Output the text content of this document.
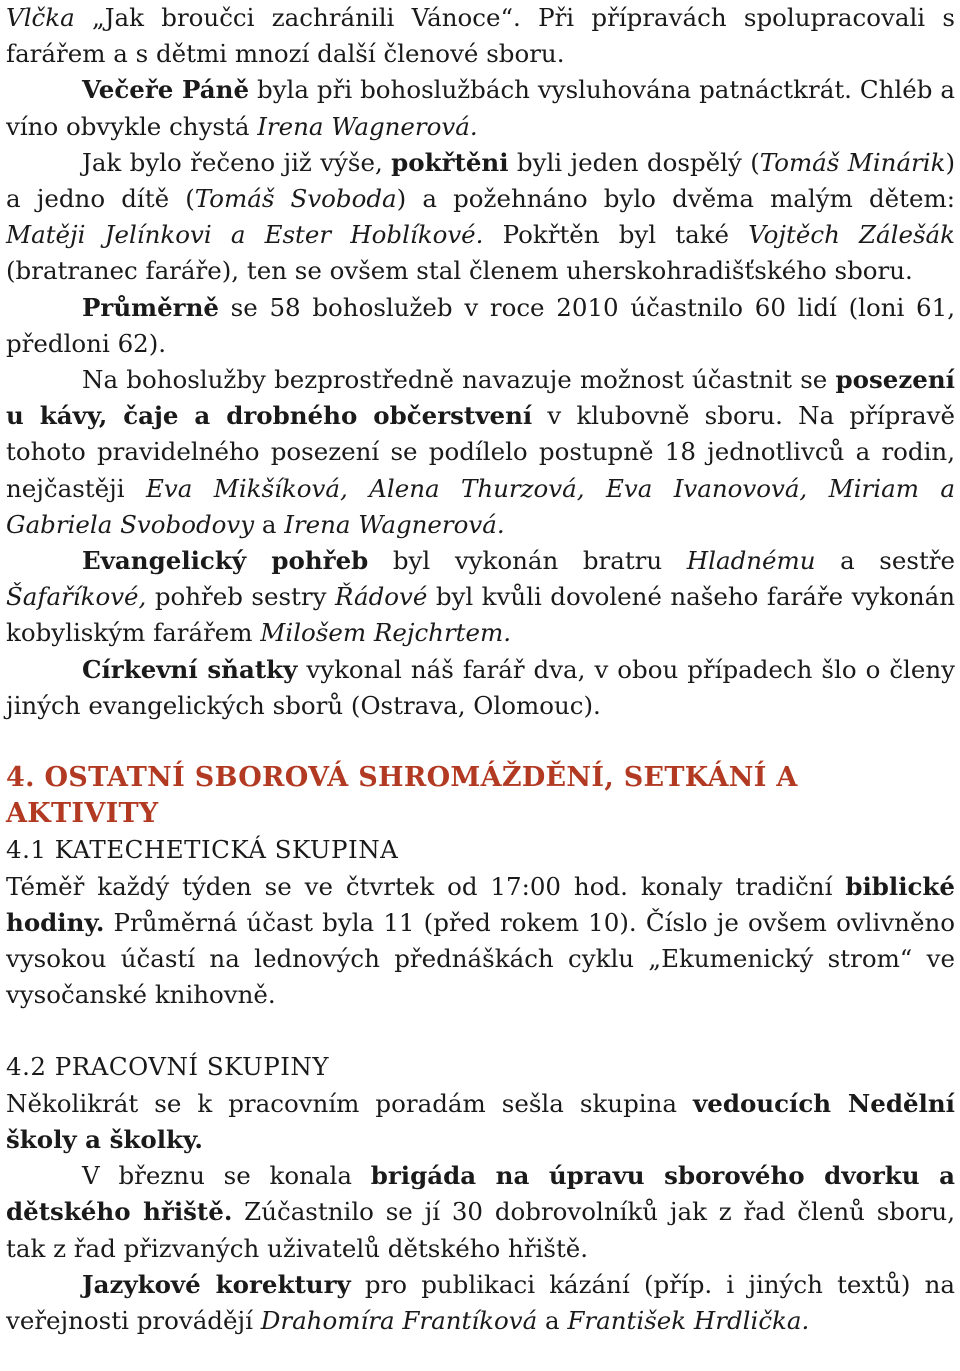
Vlčka „Jak broučci zachránili Vánoce“. Při přípravách spolupracovali s farářem a s dětmi mnozí další členové sboru.

Večeře Páně byla při bohoslužbách vysluhována patnáctkrát. Chléb a víno obvykle chystá Irena Wagnerová.

Jak bylo řečeno již výše, pokřtěni byli jeden dospělý (Tomáš Minárik) a jedno dítě (Tomáš Svoboda) a požehnáno bylo dvěma malým dětem: Matěji Jelínkovi a Ester Hoblíkové. Pokřtěn byl také Vojtěch Zálešák (bratranec faráře), ten se ovšem stal členem uherskohradišťského sboru.

Průměrně se 58 bohoslužeb v roce 2010 účastnilo 60 lidí (loni 61, předloni 62).

Na bohoslužby bezprostředně navazuje možnost účastnit se posezení u kávy, čaje a drobného občerstvení v klubovně sboru. Na přípravě tohoto pravidelného posezení se podílelo postupně 18 jednotlivců a rodin, nejčastěji Eva Mikšíková, Alena Thurzová, Eva Ivanovová, Miriam a Gabriela Svobodovy a Irena Wagnerová.

Evangelický pohřeb byl vykonán bratru Hladnému a sestře Šafaříkové, pohřeb sestry Řádové byl kvůli dovolené našeho faráře vykonán kobyliským farářem Milošem Rejchrtem.

Církevní sňatky vykonal náš farář dva, v obou případech šlo o členy jiných evangelických sborů (Ostrava, Olomouc).

4. OSTATNÍ SBOROVÁ SHROMÁŽDĚNÍ, SETKÁNÍ A AKTIVITY
4.1 KATECHETICKÁ SKUPINA

Téměř každý týden se ve čtvrtek od 17:00 hod. konaly tradiční biblické hodiny. Průměrná účast byla 11 (před rokem 10). Číslo je ovšem ovlivněno vysokou účastí na lednových přednáškách cyklu „Ekumenický strom“ ve vysočanské knihovně.

4.2 PRACOVNÍ SKUPINY

Několikrát se k pracovním poradám sešla skupina vedoucích Nedělní školy a školky.

V březnu se konala brigáda na úpravu sborového dvorku a dětského hřiště. Zúčastnilo se jí 30 dobrovolníků jak z řad členů sboru, tak z řad přizvaných uživatelů dětského hřiště.

Jazykové korektury pro publikaci kázání (příp. i jiných textů) na veřejnosti provádějí Drahomíra Frantíková a František Hrdlička.
